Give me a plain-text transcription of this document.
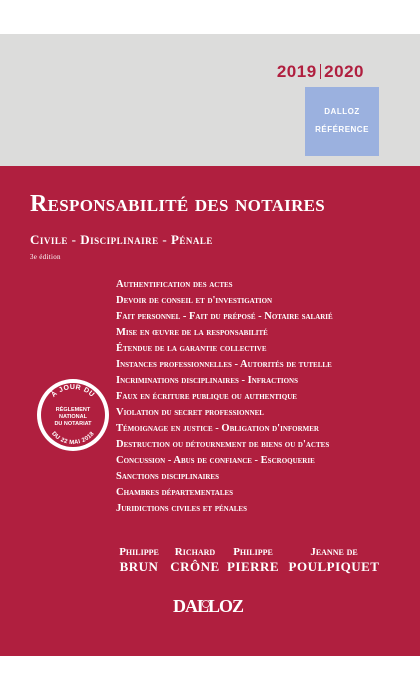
2019 2020
DALLOZ
RÉFÉRENCE
Responsabilité des notaires
Civile - Disciplinaire - Pénale
3e édition
Authentification des actes
Devoir de conseil et d'investigation
Fait personnel - Fait du préposé - Notaire salarié
Mise en œuvre de la responsabilité
Étendue de la garantie collective
Instances professionnelles - Autorités de tutelle
Incriminations disciplinaires - Infractions
Faux en écriture publique ou authentique
Violation du secret professionnel
Témoignage en justice - Obligation d'informer
Destruction ou détournement de biens ou d'actes
Concussion - Abus de confiance - Escroquerie
Sanctions disciplinaires
Chambres départementales
Juridictions civiles et pénales
À JOUR DU
RÈGLEMENT
NATIONAL
DU NOTARIAT
DU 22 MAI 2018
Philippe
BRUN
Richard
CRÔNE
Philippe
PIERRE
Jeanne de
POULPIQUET
DALLOZ
